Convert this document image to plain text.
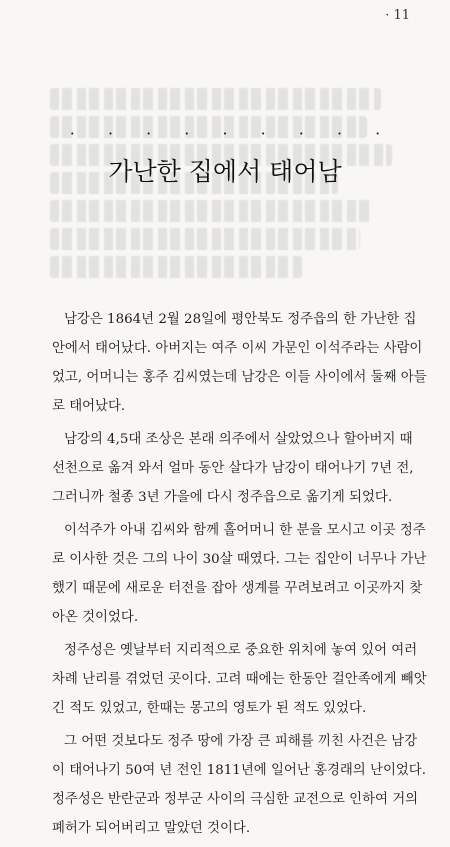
· 11
· · · · · · · · ·
가난한 집에서 태어남

남강은 1864년 2월 28일에 평안북도 정주읍의 한 가난한 집안에서 태어났다. 아버지는 여주 이씨 가문인 이석주라는 사람이었고, 어머니는 홍주 김씨였는데 남강은 이들 사이에서 둘째 아들로 태어났다.

남강의 4,5대 조상은 본래 의주에서 살았었으나 할아버지 때 선천으로 옮겨 와서 얼마 동안 살다가 남강이 태어나기 7년 전, 그러니까 철종 3년 가을에 다시 정주읍으로 옮기게 되었다.

이석주가 아내 김씨와 함께 홀어머니 한 분을 모시고 이곳 정주로 이사한 것은 그의 나이 30살 때였다. 그는 집안이 너무나 가난했기 때문에 새로운 터전을 잡아 생계를 꾸려보려고 이곳까지 찾아온 것이었다.

정주성은 옛날부터 지리적으로 중요한 위치에 놓여 있어 여러 차례 난리를 겪었던 곳이다. 고려 때에는 한동안 걸안족에게 빼앗긴 적도 있었고, 한때는 몽고의 영토가 된 적도 있었다.

그 어떤 것보다도 정주 땅에 가장 큰 피해를 끼친 사건은 남강이 태어나기 50여 년 전인 1811년에 일어난 홍경래의 난이었다. 정주성은 반란군과 정부군 사이의 극심한 교전으로 인하여 거의 폐허가 되어버리고 말았던 것이다.
